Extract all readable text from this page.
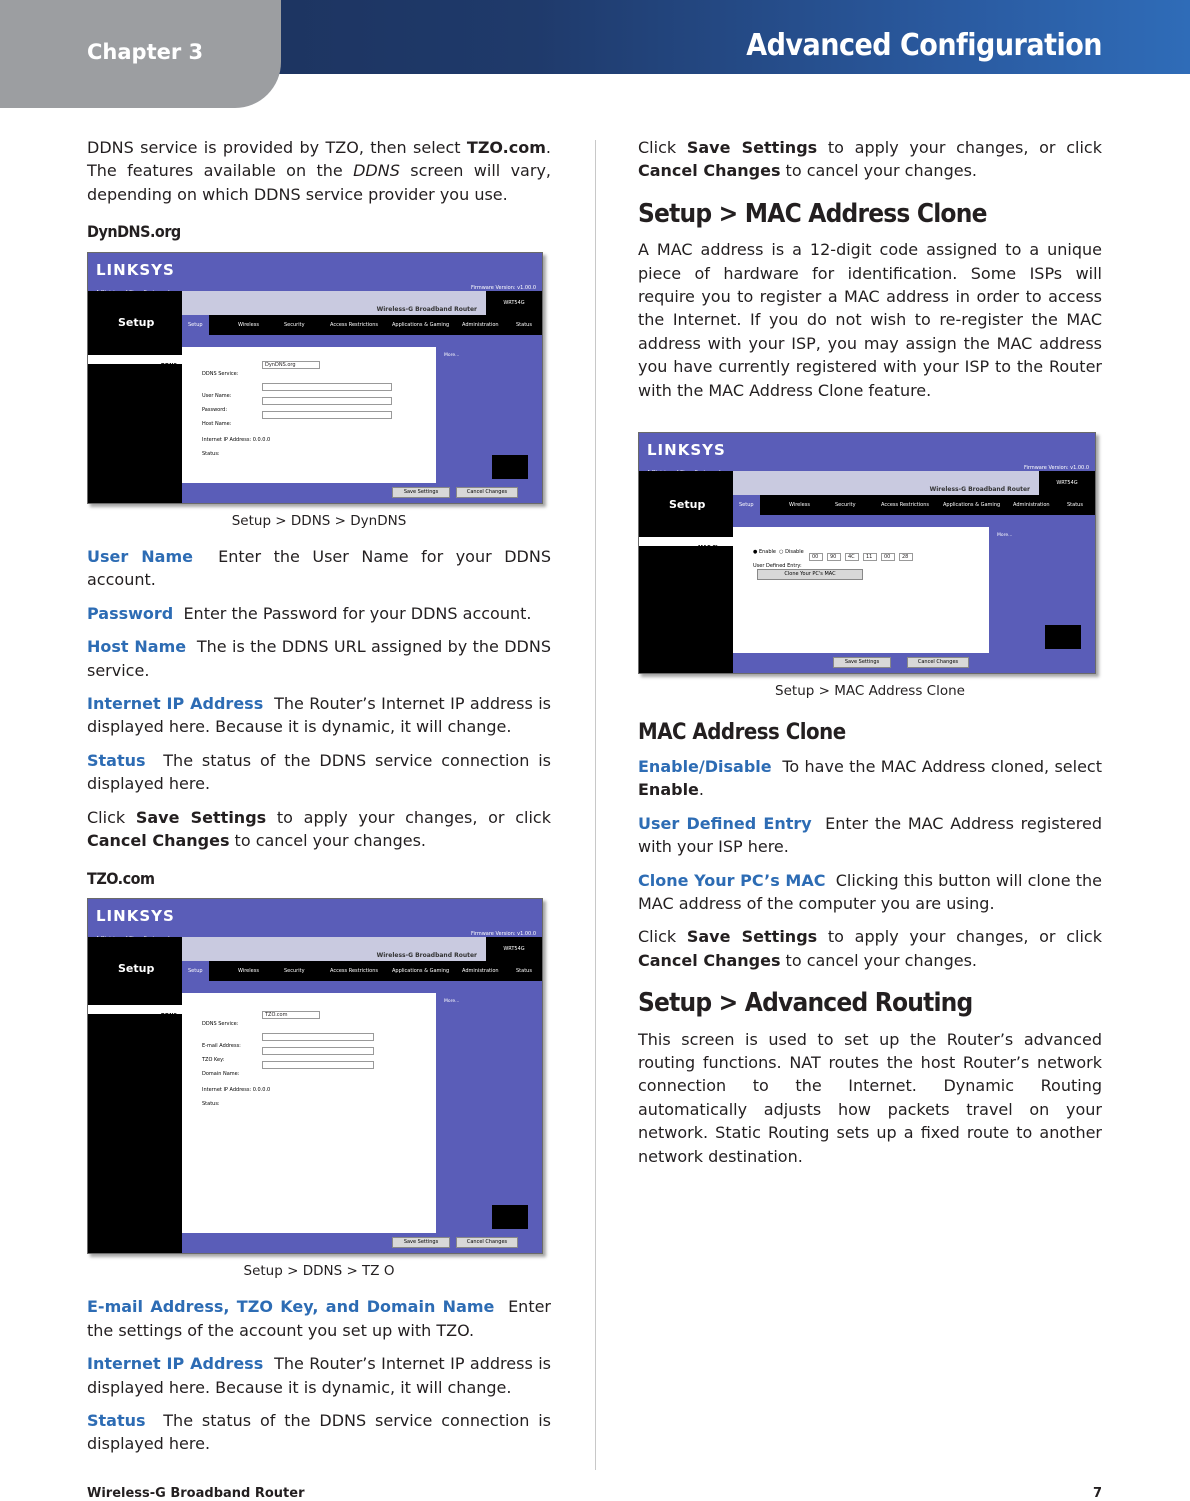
Chapter 3	Advanced Configuration

DDNS service is provided by TZO, then select TZO.com. The features available on the DDNS screen will vary, depending on which DDNS service provider you use.

DynDNS.org
LINKSYS
Firmware Version: v1.00.0
Setup
DDNS
Wireless-G Broadband Router
WRT54G
Setup	Wireless	Security	Access Restrictions	Applications & Gaming	Administration	Status
DDNS Service:
DynDNS.org
User Name:
Password:
Host Name:
Internet IP Address: 0.0.0.0
Status:
More...
Save Settings	Cancel Changes
Setup > DDNS > DynDNS

User Name Enter the User Name for your DDNS account.

Password Enter the Password for your DDNS account.

Host Name The is the DDNS URL assigned by the DDNS service.

Internet IP Address The Router’s Internet IP address is displayed here. Because it is dynamic, it will change.

Status The status of the DDNS service connection is displayed here.

Click Save Settings to apply your changes, or click Cancel Changes to cancel your changes.

TZO.com
LINKSYS
Firmware Version: v1.00.0
Setup
DDNS
Wireless-G Broadband Router
WRT54G
Setup	Wireless	Security	Access Restrictions	Applications & Gaming	Administration	Status
DDNS Service:
TZO.com
E-mail Address:
TZO Key:
Domain Name:
Internet IP Address: 0.0.0.0
Status:
More...
Save Settings	Cancel Changes
Setup > DDNS > TZ O

E-mail Address, TZO Key, and Domain Name Enter the settings of the account you set up with TZO.

Internet IP Address The Router’s Internet IP address is displayed here. Because it is dynamic, it will change.

Status The status of the DDNS service connection is displayed here.

Click Save Settings to apply your changes, or click Cancel Changes to cancel your changes.

Setup > MAC Address Clone

A MAC address is a 12-digit code assigned to a unique piece of hardware for identification. Some ISPs will require you to register a MAC address in order to access the Internet. If you do not wish to re-register the MAC address with your ISP, you may assign the MAC address you have currently registered with your ISP to the Router with the MAC Address Clone feature.

LINKSYS
Firmware Version: v1.00.0
Setup
MAC Clone
Wireless-G Broadband Router
WRT54G
Setup	Wireless	Security	Access Restrictions	Applications & Gaming	Administration	Status
● Enable  ○ Disable
User Defined Entry:
00	90	4C	11	00	28
Clone Your PC's MAC
More...
Save Settings	Cancel Changes
Setup > MAC Address Clone
MAC Address Clone

Enable/Disable To have the MAC Address cloned, select Enable.

User Defined Entry Enter the MAC Address registered with your ISP here.

Clone Your PC’s MAC Clicking this button will clone the MAC address of the computer you are using.

Click Save Settings to apply your changes, or click Cancel Changes to cancel your changes.

Setup > Advanced Routing

This screen is used to set up the Router’s advanced routing functions. NAT routes the host Router’s network connection to the Internet. Dynamic Routing automatically adjusts how packets travel on your network. Static Routing sets up a fixed route to another network destination.

Wireless-G Broadband Router	7
